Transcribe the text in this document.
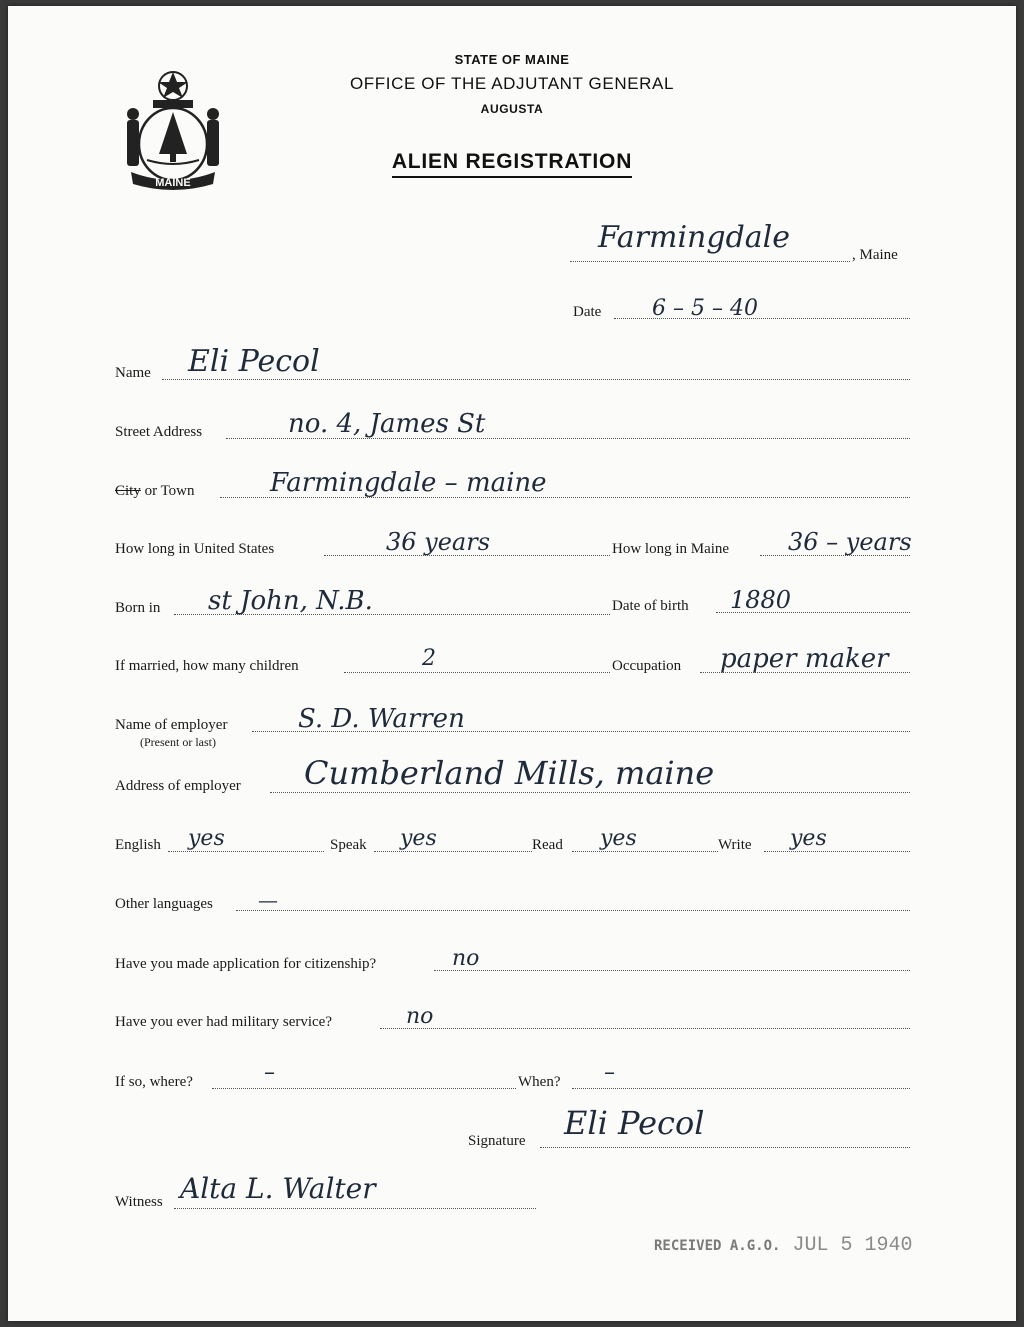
MAINE
STATE OF MAINE
OFFICE OF THE ADJUTANT GENERAL
AUGUSTA
ALIEN REGISTRATION
Farmingdale	, Maine
Date 6 – 5 – 40
Name Eli Pecol
Street Address	no. 4, James St
City or Town	Farmingdale – maine
How long in United States	36 years	How long in Maine 36 – years
Born in st John, N.B.	Date of birth 1880
If married, how many children	2	Occupation paper maker
Name of employer
(Present or last)
S. D. Warren
Address of employer Cumberland Mills, maine
English yes	Speak yes	Read yes	Write yes
Other languages —
Have you made application for citizenship?	no
Have you ever had military service?	no
If so, where?	–	When? –
Signature Eli Pecol
Witness Alta L. Walter
RECEIVED A.G.O. JUL 5 1940
